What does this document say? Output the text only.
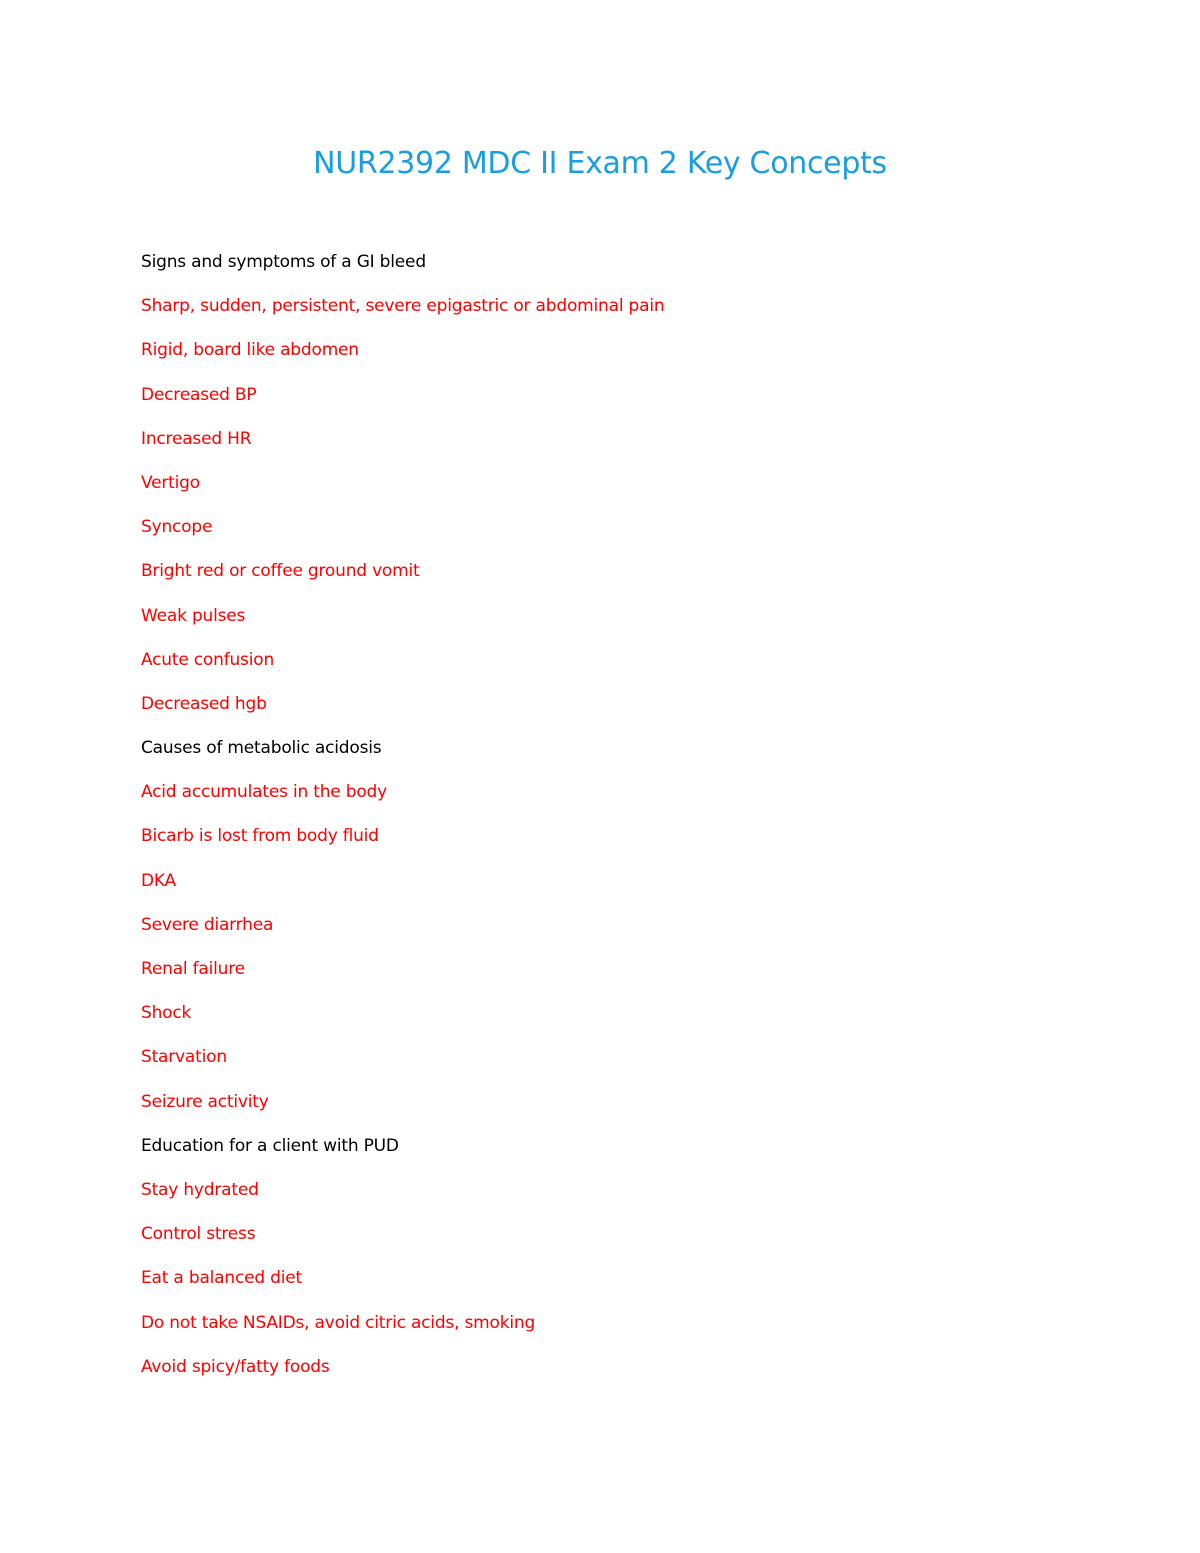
NUR2392 MDC II Exam 2 Key Concepts
Signs and symptoms of a GI bleed
Sharp, sudden, persistent, severe epigastric or abdominal pain
Rigid, board like abdomen
Decreased BP
Increased HR
Vertigo
Syncope
Bright red or coffee ground vomit
Weak pulses
Acute confusion
Decreased hgb
Causes of metabolic acidosis
Acid accumulates in the body
Bicarb is lost from body fluid
DKA
Severe diarrhea
Renal failure
Shock
Starvation
Seizure activity
Education for a client with PUD
Stay hydrated
Control stress
Eat a balanced diet
Do not take NSAIDs, avoid citric acids, smoking
Avoid spicy/fatty foods
